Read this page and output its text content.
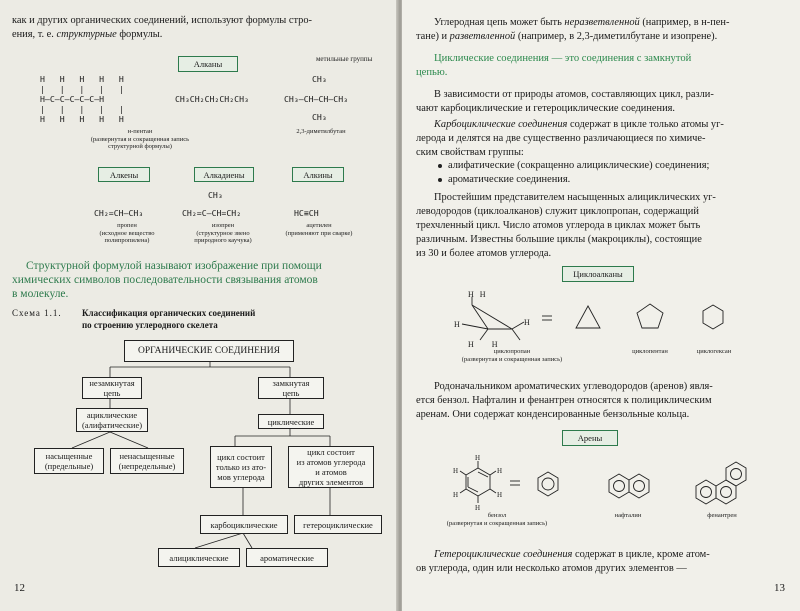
как и других органических соединений, используют формулы стро-
ения, т. е. структурные формулы.
Алканы	метильные группы
H   H   H   H   H
|   |   |   |   |
H—C—C—C—C—C—H
|   |   |   |   |
H   H   H   H   H
CH₃CH₂CH₂CH₂CH₃
CH₃
CH₃—CH—CH—CH₃
CH₃
н-пентан
(развернутая и сокращенная запись
структурной формулы)
2,3-диметилбутан
Алкены	Алкадиены	Алкины
CH₂=CH—CH₃
CH₃
CH₂=C—CH=CH₂	HC≡CH
пропен
(исходное вещество
полипропилена)
изопрен
(структурное звено
природного каучука)
ацетилен
(применяют при сварке)
Структурной формулой называют изображение при помощи
химических символов последовательности связывания атомов
в молекуле.
Схема 1.1. Классификация органических соединений
по строению углеродного скелета
ОРГАНИЧЕСКИЕ СОЕДИНЕНИЯ
незамкнутая
цепь
замкнутая
цепь
ациклические
(алифатические)	циклические
насыщенные
(предельные)
ненасыщенные
(непредельные)
цикл состоит
только из ато-
мов углерода
цикл состоит
из атомов углерода
и атомов
других элементов
карбоциклические	гетероциклические
алициклические	ароматические
12
Углеродная цепь может быть неразветвленной (например, в н-пен-
тане) и разветвленной (например, в 2,3-диметилбутане и изопрене).
Циклические соединения — это соединения с замкнутой
цепью.
В зависимости от природы атомов, составляющих цикл, разли-
чают карбоциклические и гетероциклические соединения.
Карбоциклические соединения содержат в цикле только атомы уг-
лерода и делятся на две существенно различающиеся по химиче-
ским свойствам группы:
алифатические (сокращенно алициклические) соединения;
ароматические соединения.
Простейшим представителем насыщенных алициклических уг-
леводородов (циклоалканов) служит циклопропан, содержащий
трехчленный цикл. Число атомов углерода в циклах может быть
различным. Известны большие циклы (макроциклы), состоящие
из 30 и более атомов углерода.
Циклоалканы
H   H
H	H
H         H
циклопропан
(развернутая и сокращенная запись)
циклопентан	циклогексан
Родоначальником ароматических углеводородов (аренов) явля-
ется бензол. Нафталин и фенантрен относятся к полициклическим
аренам. Они содержат конденсированные бензольные кольца.
Арены
H
H
H
H
H
H
бензол
(развернутая и сокращенная запись)
нафталин	фенантрен
Гетероциклические соединения содержат в цикле, кроме атом-
ов углерода, один или несколько атомов других элементов —
13
